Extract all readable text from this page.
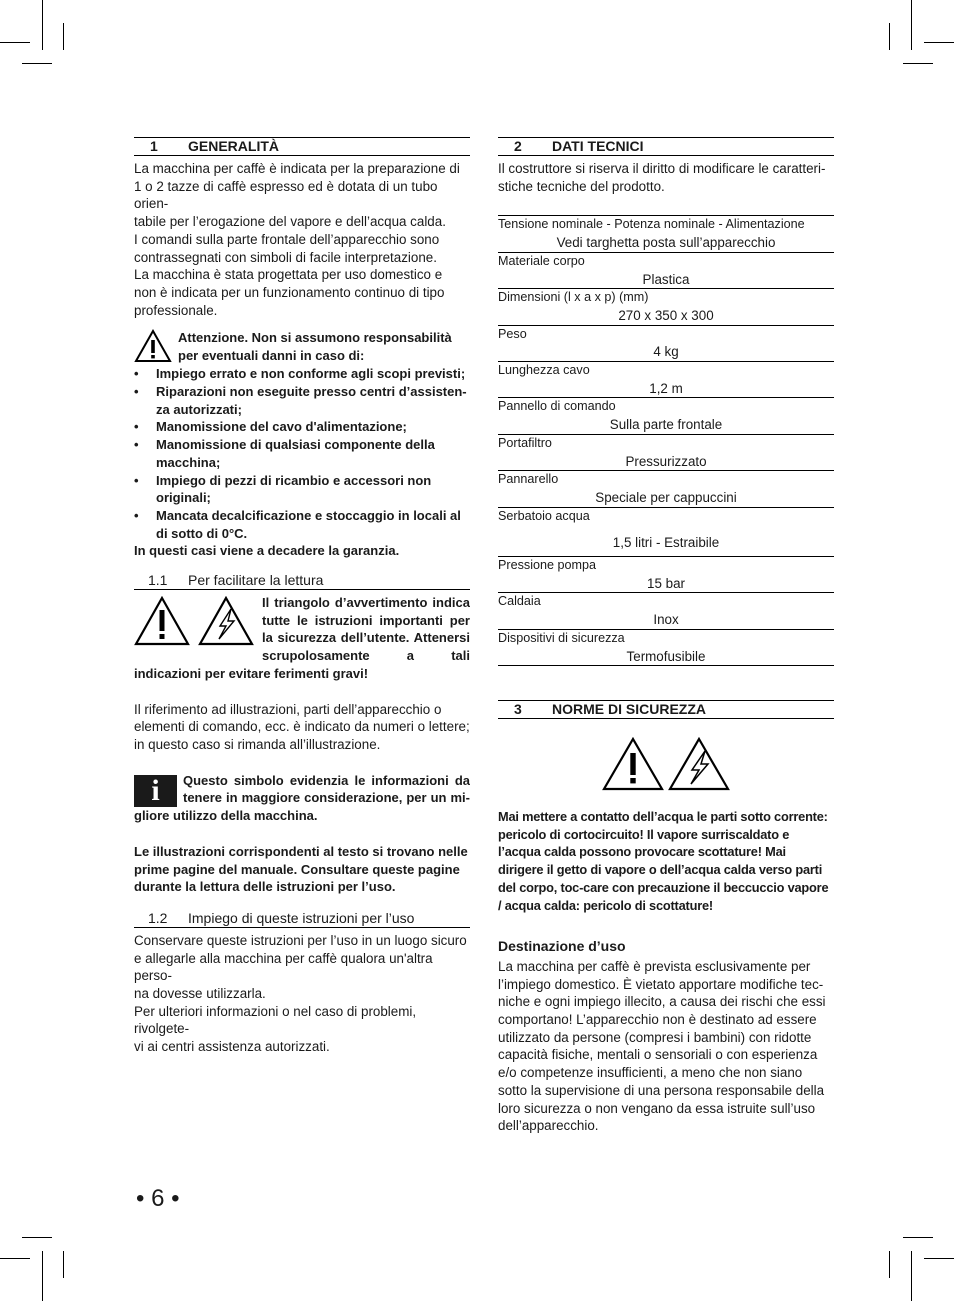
1 GENERALITÀ

La macchina per caffè è indicata per la preparazione di

1 o 2 tazze di caffè espresso ed è dotata di un tubo orien-

tabile per l’erogazione del vapore e dell’acqua calda.

I comandi sulla parte frontale dell’apparecchio sono

contrassegnati con simboli di facile interpretazione.

La macchina è stata progettata per uso domestico e

non è indicata per un funzionamento continuo di tipo

professionale.

Attenzione. Non si assumono responsabilità per eventuali danni in caso di:

• Impiego errato e non conforme agli scopi previsti;
• Riparazioni non eseguite presso centri d’assisten-za autorizzati;
• Manomissione del cavo d'alimentazione;
• Manomissione di qualsiasi componente della macchina;
• Impiego di pezzi di ricambio e accessori non originali;
• Mancata decalcificazione e stoccaggio in locali al di sotto di 0°C.

In questi casi viene a decadere la garanzia.

1.1 Per facilitare la lettura

Il triangolo d’avvertimento indica tutte le istruzioni importanti per la sicurezza dell’utente. Attenersi scrupolosamente a tali indicazioni per evitare ferimenti gravi!

Il riferimento ad illustrazioni, parti dell’apparecchio o

elementi di comando, ecc. è indicato da numeri o lettere;

in questo caso si rimanda all’illustrazione.

i	Questo simbolo evidenzia le informazioni da tenere in maggiore considerazione, per un mi-gliore utilizzo della macchina.

Le illustrazioni corrispondenti al testo si trovano nelle prime pagine del manuale. Consultare queste pagine durante la lettura delle istruzioni per l’uso.

1.2 Impiego di queste istruzioni per l’uso

Conservare queste istruzioni per l’uso in un luogo sicuro

e allegarle alla macchina per caffè qualora un'altra perso-

na dovesse utilizzarla.

Per ulteriori informazioni o nel caso di problemi, rivolgete-

vi ai centri assistenza autorizzati.

2 DATI TECNICI

Il costruttore si riserva il diritto di modificare le caratteri-

stiche tecniche del prodotto.

Tensione nominale - Potenza nominale - Alimentazione
Vedi targhetta posta sull’apparecchio
Materiale corpo
Plastica
Dimensioni (l x a x p) (mm)
270 x 350 x 300
Peso
4 kg
Lunghezza cavo
1,2 m
Pannello di comando
Sulla parte frontale
Portafiltro
Pressurizzato
Pannarello
Speciale per cappuccini
Serbatoio acqua
1,5 litri - Estraibile
Pressione pompa
15 bar
Caldaia
Inox
Dispositivi di sicurezza
Termofusibile
3 NORME DI SICUREZZA

Mai mettere a contatto dell’acqua le parti sotto corrente: pericolo di cortocircuito! Il vapore surriscaldato e l’acqua calda possono provocare scottature! Mai dirigere il getto di vapore o dell’acqua calda verso parti del corpo, toc-care con precauzione il beccuccio vapore / acqua calda: pericolo di scottature!

Destinazione d’uso

La macchina per caffè è prevista esclusivamente per

l’impiego domestico. È vietato apportare modifiche tec-

niche e ogni impiego illecito, a causa dei rischi che essi

comportano! L’apparecchio non è destinato ad essere

utilizzato da persone (compresi i bambini) con ridotte

capacità fisiche, mentali o sensoriali o con esperienza

e/o competenze insufficienti, a meno che non siano

sotto la supervisione di una persona responsabile della

loro sicurezza o non vengano da essa istruite sull’uso

dell’apparecchio.

• 6 •
